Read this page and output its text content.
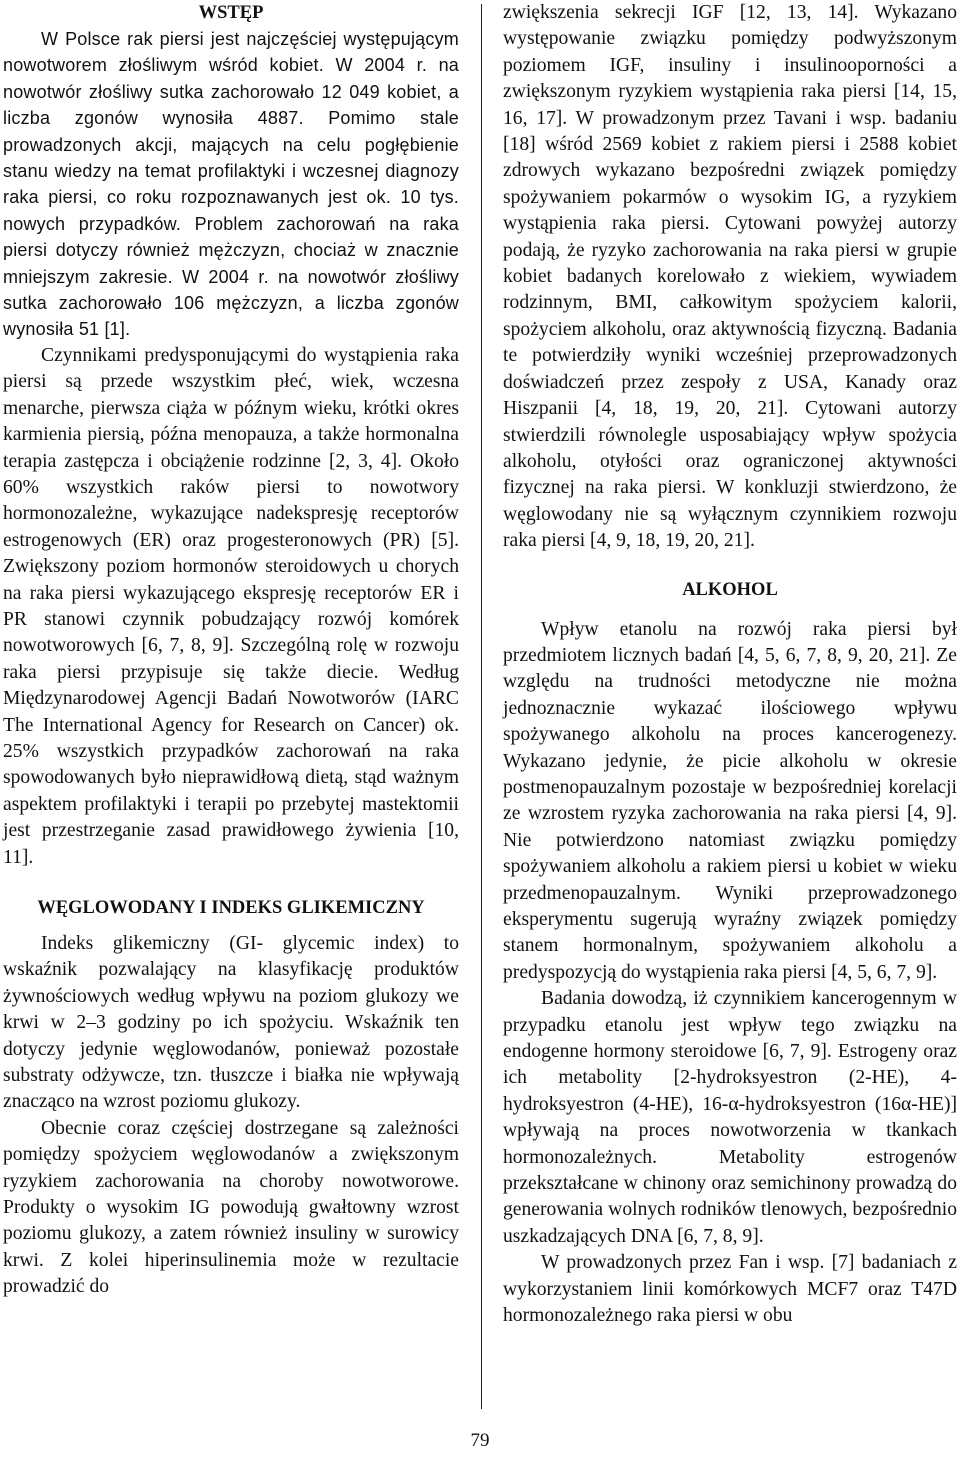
WSTĘP

W Polsce rak piersi jest najczęściej występującym nowotworem złośliwym wśród kobiet. W 2004 r. na nowotwór złośliwy sutka zachorowało 12 049 kobiet, a liczba zgonów wynosiła 4887. Pomimo stale prowadzonych akcji, mających na celu pogłębienie stanu wiedzy na temat profilaktyki i wczesnej diagnozy raka piersi, co roku rozpoznawanych jest ok. 10 tys. nowych przypadków. Problem zachorowań na raka piersi dotyczy również mężczyzn, chociaż w znacznie mniejszym zakresie. W 2004 r. na nowotwór złośliwy sutka zachorowało 106 mężczyzn, a liczba zgonów wynosiła 51 [1].

Czynnikami predysponującymi do wystąpienia raka piersi są przede wszystkim płeć, wiek, wczesna menarche, pierwsza ciąża w późnym wieku, krótki okres karmienia piersią, późna menopauza, a także hormonalna terapia zastępcza i obciążenie rodzinne [2, 3, 4]. Około 60% wszystkich raków piersi to nowotwory hormonozależne, wykazujące nadekspresję receptorów estrogenowych (ER) oraz progesteronowych (PR) [5]. Zwiększony poziom hormonów steroidowych u chorych na raka piersi wykazującego ekspresję receptorów ER i PR stanowi czynnik pobudzający rozwój komórek nowotworowych [6, 7, 8, 9]. Szczególną rolę w rozwoju raka piersi przypisuje się także diecie. Według Międzynarodowej Agencji Badań Nowotworów (IARC The International Agency for Research on Cancer) ok. 25% wszystkich przypadków zachorowań na raka spowodowanych było nieprawidłową dietą, stąd ważnym aspektem profilaktyki i terapii po przebytej mastektomii jest przestrzeganie zasad prawidłowego żywienia [10, 11].

WĘGLOWODANY I INDEKS GLIKEMICZNY

Indeks glikemiczny (GI- glycemic index) to wskaźnik pozwalający na klasyfikację produktów żywnościowych według wpływu na poziom glukozy we krwi w 2–3 godziny po ich spożyciu. Wskaźnik ten dotyczy jedynie węglowodanów, ponieważ pozostałe substraty odżywcze, tzn. tłuszcze i białka nie wpływają znacząco na wzrost poziomu glukozy.

Obecnie coraz częściej dostrzegane są zależności pomiędzy spożyciem węglowodanów a zwiększonym ryzykiem zachorowania na choroby nowotworowe. Produkty o wysokim IG powodują gwałtowny wzrost poziomu glukozy, a zatem również insuliny w surowicy krwi. Z kolei hiperinsulinemia może w rezultacie prowadzić do

zwiększenia sekrecji IGF [12, 13, 14]. Wykazano występowanie związku pomiędzy podwyższonym poziomem IGF, insuliny i insulinooporności a zwiększonym ryzykiem wystąpienia raka piersi [14, 15, 16, 17]. W prowadzonym przez Tavani i wsp. badaniu [18] wśród 2569 kobiet z rakiem piersi i 2588 kobiet zdrowych wykazano bezpośredni związek pomiędzy spożywaniem pokarmów o wysokim IG, a ryzykiem wystąpienia raka piersi. Cytowani powyżej autorzy podają, że ryzyko zachorowania na raka piersi w grupie kobiet badanych korelowało z wiekiem, wywiadem rodzinnym, BMI, całkowitym spożyciem kalorii, spożyciem alkoholu, oraz aktywnością fizyczną. Badania te potwierdziły wyniki wcześniej przeprowadzonych doświadczeń przez zespoły z USA, Kanady oraz Hiszpanii [4, 18, 19, 20, 21]. Cytowani autorzy stwierdzili równolegle usposabiający wpływ spożycia alkoholu, otyłości oraz ograniczonej aktywności fizycznej na raka piersi. W konkluzji stwierdzono, że węglowodany nie są wyłącznym czynnikiem rozwoju raka piersi [4, 9, 18, 19, 20, 21].

ALKOHOL

Wpływ etanolu na rozwój raka piersi był przedmiotem licznych badań [4, 5, 6, 7, 8, 9, 20, 21]. Ze względu na trudności metodyczne nie można jednoznacznie wykazać ilościowego wpływu spożywanego alkoholu na proces kancerogenezy. Wykazano jedynie, że picie alkoholu w okresie postmenopauzalnym pozostaje w bezpośredniej korelacji ze wzrostem ryzyka zachorowania na raka piersi [4, 9]. Nie potwierdzono natomiast związku pomiędzy spożywaniem alkoholu a rakiem piersi u kobiet w wieku przedmenopauzalnym. Wyniki przeprowadzonego eksperymentu sugerują wyraźny związek pomiędzy stanem hormonalnym, spożywaniem alkoholu a predyspozycją do wystąpienia raka piersi [4, 5, 6, 7, 9].

Badania dowodzą, iż czynnikiem kancerogennym w przypadku etanolu jest wpływ tego związku na endogenne hormony steroidowe [6, 7, 9]. Estrogeny oraz ich metabolity [2-hydroksyestron (2-HE), 4-hydroksyestron (4-HE), 16-α-hydroksyestron (16α-HE)] wpływają na proces nowotworzenia w tkankach hormonozależnych. Metabolity estrogenów przekształcane w chinony oraz semichinony prowadzą do generowania wolnych rodników tlenowych, bezpośrednio uszkadzających DNA [6, 7, 8, 9].

W prowadzonych przez Fan i wsp. [7] badaniach z wykorzystaniem linii komórkowych MCF7 oraz T47D hormonozależnego raka piersi w obu

79
